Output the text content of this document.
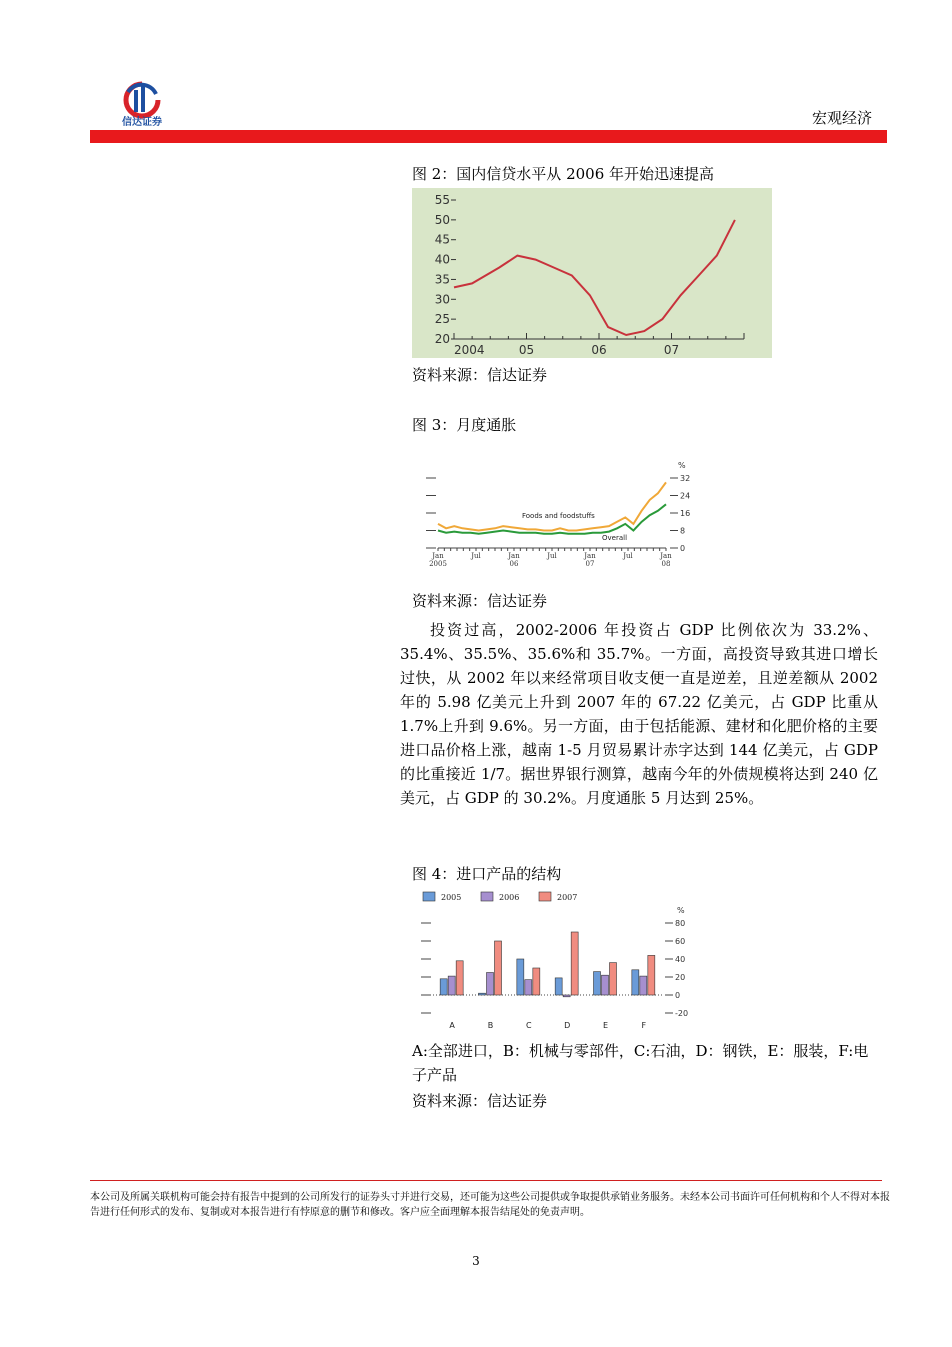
信达证券	宏观经济
图 2：国内信贷水平从 2006 年开始迅速提高
55
50
45
40
35
30
25
20
2004	05	06	07
资料来源：信达证券
图 3：月度通胀
%
32
24
16
8
0
Jan
2005
Jul	Jan
06
Jul	Jan
07
Jul	Jan
08
Foods and foodstuffs
Overall
资料来源：信达证券

投资过高，2002-2006 年投资占 GDP 比例依次为 33.2%、35.4%、35.5%、35.6%和 35.7%。一方面，高投资导致其进口增长过快，从 2002 年以来经常项目收支便一直是逆差，且逆差额从 2002 年的 5.98 亿美元上升到 2007 年的 67.22 亿美元，占 GDP 比重从 1.7%上升到 9.6%。另一方面，由于包括能源、建材和化肥价格的主要进口品价格上涨，越南 1-5 月贸易累计赤字达到 144 亿美元，占 GDP 的比重接近 1/7。据世界银行测算，越南今年的外债规模将达到 240 亿美元，占 GDP 的 30.2%。月度通胀 5 月达到 25%。

图 4：进口产品的结构
2005	2006	2007
%
80
60
40
20
0
-20
A	B	C	D	E	F
A:全部进口，B：机械与零部件，C:石油，D：钢铁，E：服装，F:电子产品
资料来源：信达证券
本公司及所属关联机构可能会持有报告中提到的公司所发行的证券头寸并进行交易，还可能为这些公司提供或争取提供承销业务服务。未经本公司书面许可任何机构和个人不得对本报告进行任何形式的发布、复制或对本报告进行有悖原意的删节和修改。客户应全面理解本报告结尾处的免责声明。
3
